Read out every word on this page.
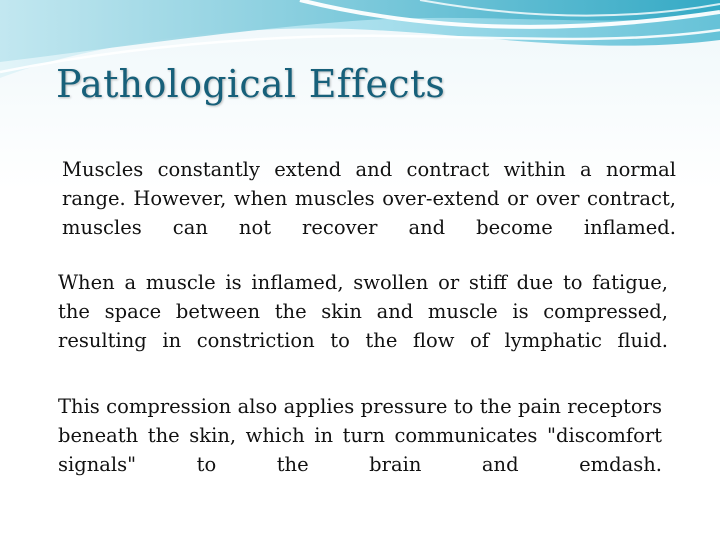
Pathological Effects

Muscles constantly extend and contract within a normal range. However, when muscles over-extend or over contract, muscles can not recover and become inflamed.

When a muscle is inflamed, swollen or stiff due to fatigue, the space between the skin and muscle is compressed, resulting in constriction to the flow of lymphatic fluid.

This compression also applies pressure to the pain receptors beneath the skin, which in turn communicates "discomfort signals" to the brain and emdash.
